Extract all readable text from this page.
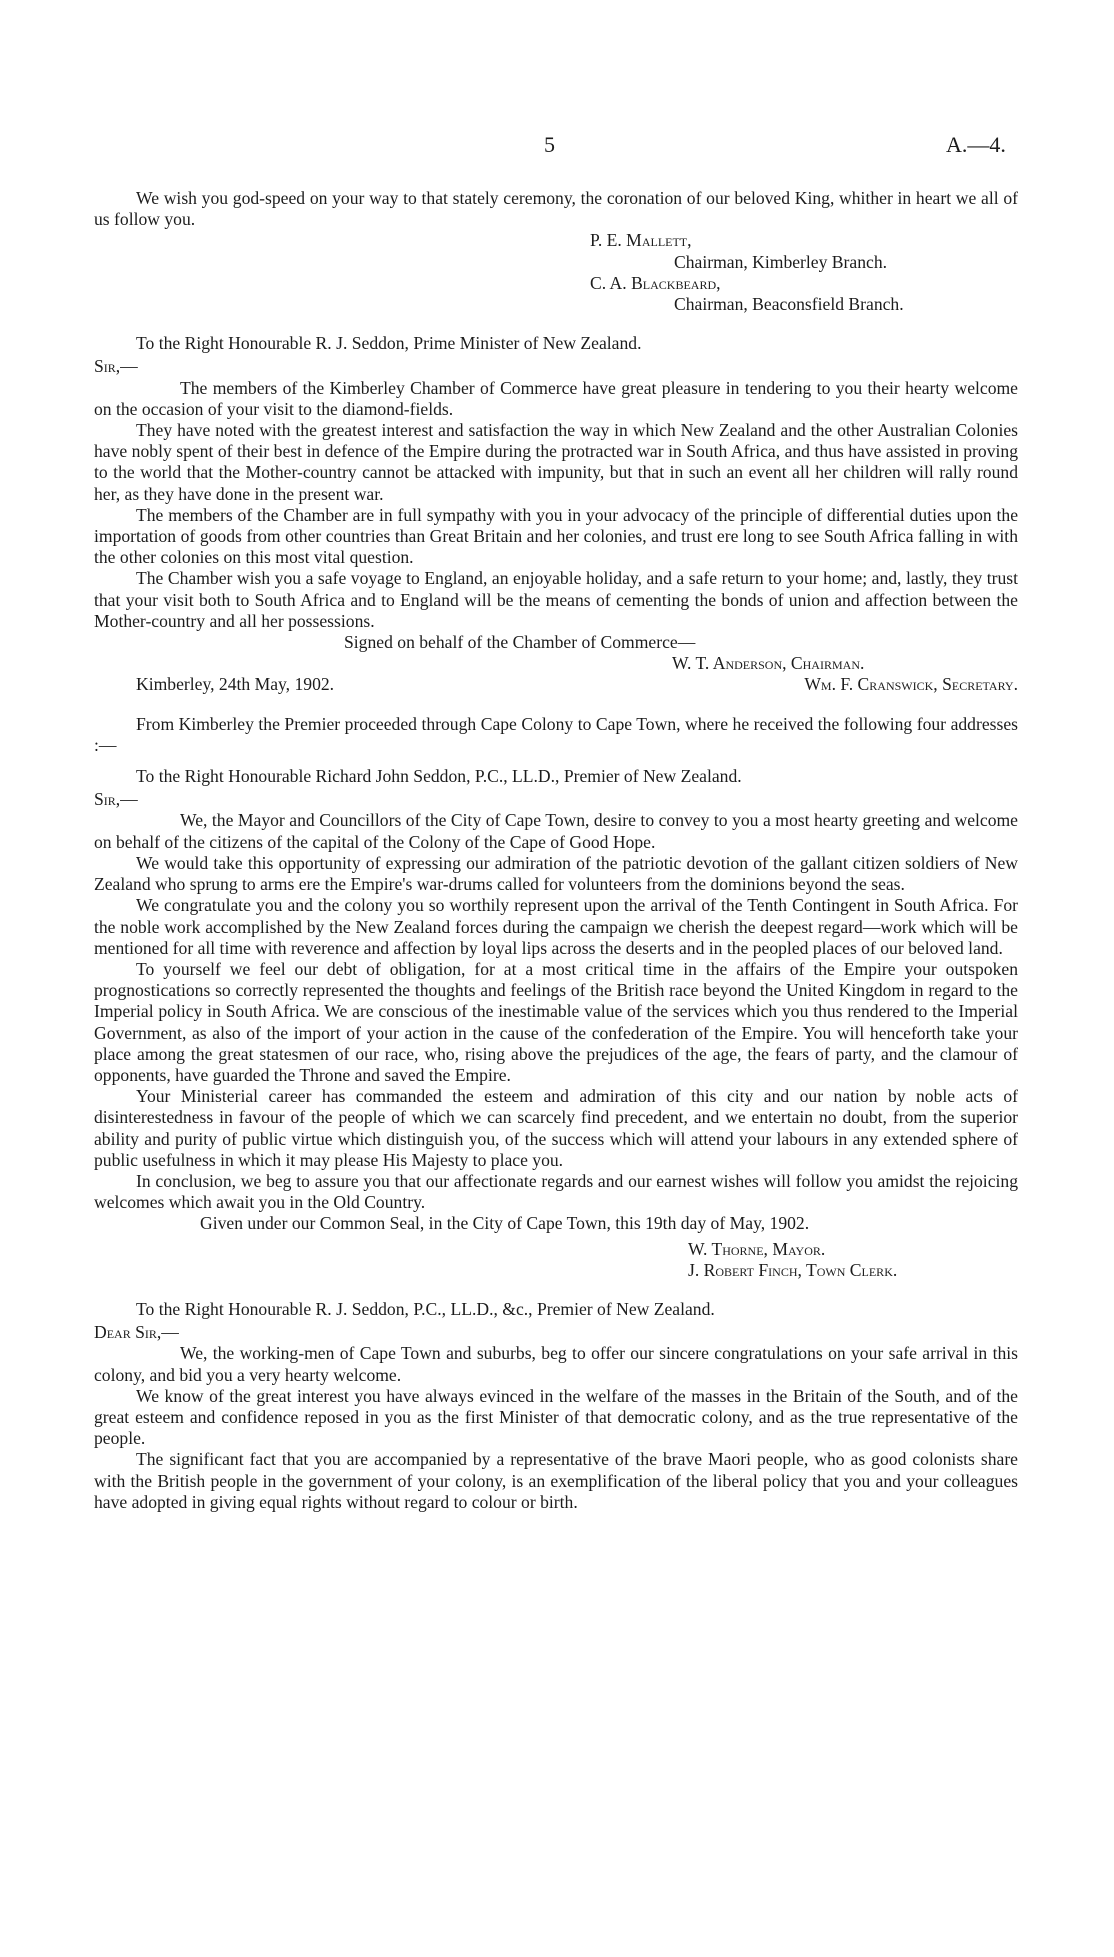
5	A.—4.

We wish you god-speed on your way to that stately ceremony, the coronation of our beloved King, whither in heart we all of us follow you.

P. E. Mallett,

Chairman, Kimberley Branch.

C. A. Blackbeard,

Chairman, Beaconsfield Branch.

To the Right Honourable R. J. Seddon, Prime Minister of New Zealand.

Sir,—

The members of the Kimberley Chamber of Commerce have great pleasure in tendering to you their hearty welcome on the occasion of your visit to the diamond-fields.

They have noted with the greatest interest and satisfaction the way in which New Zealand and the other Australian Colonies have nobly spent of their best in defence of the Empire during the protracted war in South Africa, and thus have assisted in proving to the world that the Mother-country cannot be attacked with impunity, but that in such an event all her children will rally round her, as they have done in the present war.

The members of the Chamber are in full sympathy with you in your advocacy of the principle of differential duties upon the importation of goods from other countries than Great Britain and her colonies, and trust ere long to see South Africa falling in with the other colonies on this most vital question.

The Chamber wish you a safe voyage to England, an enjoyable holiday, and a safe return to your home; and, lastly, they trust that your visit both to South Africa and to England will be the means of cementing the bonds of union and affection between the Mother-country and all her possessions.

Signed on behalf of the Chamber of Commerce—

W. T. Anderson, Chairman.

Kimberley, 24th May, 1902.	Wm. F. Cranswick, Secretary.

From Kimberley the Premier proceeded through Cape Colony to Cape Town, where he received the following four addresses :—

To the Right Honourable Richard John Seddon, P.C., LL.D., Premier of New Zealand.

Sir,—

We, the Mayor and Councillors of the City of Cape Town, desire to convey to you a most hearty greeting and welcome on behalf of the citizens of the capital of the Colony of the Cape of Good Hope.

We would take this opportunity of expressing our admiration of the patriotic devotion of the gallant citizen soldiers of New Zealand who sprung to arms ere the Empire's war-drums called for volunteers from the dominions beyond the seas.

We congratulate you and the colony you so worthily represent upon the arrival of the Tenth Contingent in South Africa. For the noble work accomplished by the New Zealand forces during the campaign we cherish the deepest regard—work which will be mentioned for all time with reverence and affection by loyal lips across the deserts and in the peopled places of our beloved land.

To yourself we feel our debt of obligation, for at a most critical time in the affairs of the Empire your outspoken prognostications so correctly represented the thoughts and feelings of the British race beyond the United Kingdom in regard to the Imperial policy in South Africa. We are conscious of the inestimable value of the services which you thus rendered to the Imperial Government, as also of the import of your action in the cause of the confederation of the Empire. You will henceforth take your place among the great statesmen of our race, who, rising above the prejudices of the age, the fears of party, and the clamour of opponents, have guarded the Throne and saved the Empire.

Your Ministerial career has commanded the esteem and admiration of this city and our nation by noble acts of disinterestedness in favour of the people of which we can scarcely find precedent, and we entertain no doubt, from the superior ability and purity of public virtue which distinguish you, of the success which will attend your labours in any extended sphere of public usefulness in which it may please His Majesty to place you.

In conclusion, we beg to assure you that our affectionate regards and our earnest wishes will follow you amidst the rejoicing welcomes which await you in the Old Country.

Given under our Common Seal, in the City of Cape Town, this 19th day of May, 1902.

W. Thorne, Mayor.

J. Robert Finch, Town Clerk.

To the Right Honourable R. J. Seddon, P.C., LL.D., &c., Premier of New Zealand.

Dear Sir,—

We, the working-men of Cape Town and suburbs, beg to offer our sincere congratulations on your safe arrival in this colony, and bid you a very hearty welcome.

We know of the great interest you have always evinced in the welfare of the masses in the Britain of the South, and of the great esteem and confidence reposed in you as the first Minister of that democratic colony, and as the true representative of the people.

The significant fact that you are accompanied by a representative of the brave Maori people, who as good colonists share with the British people in the government of your colony, is an exemplification of the liberal policy that you and your colleagues have adopted in giving equal rights without regard to colour or birth.
